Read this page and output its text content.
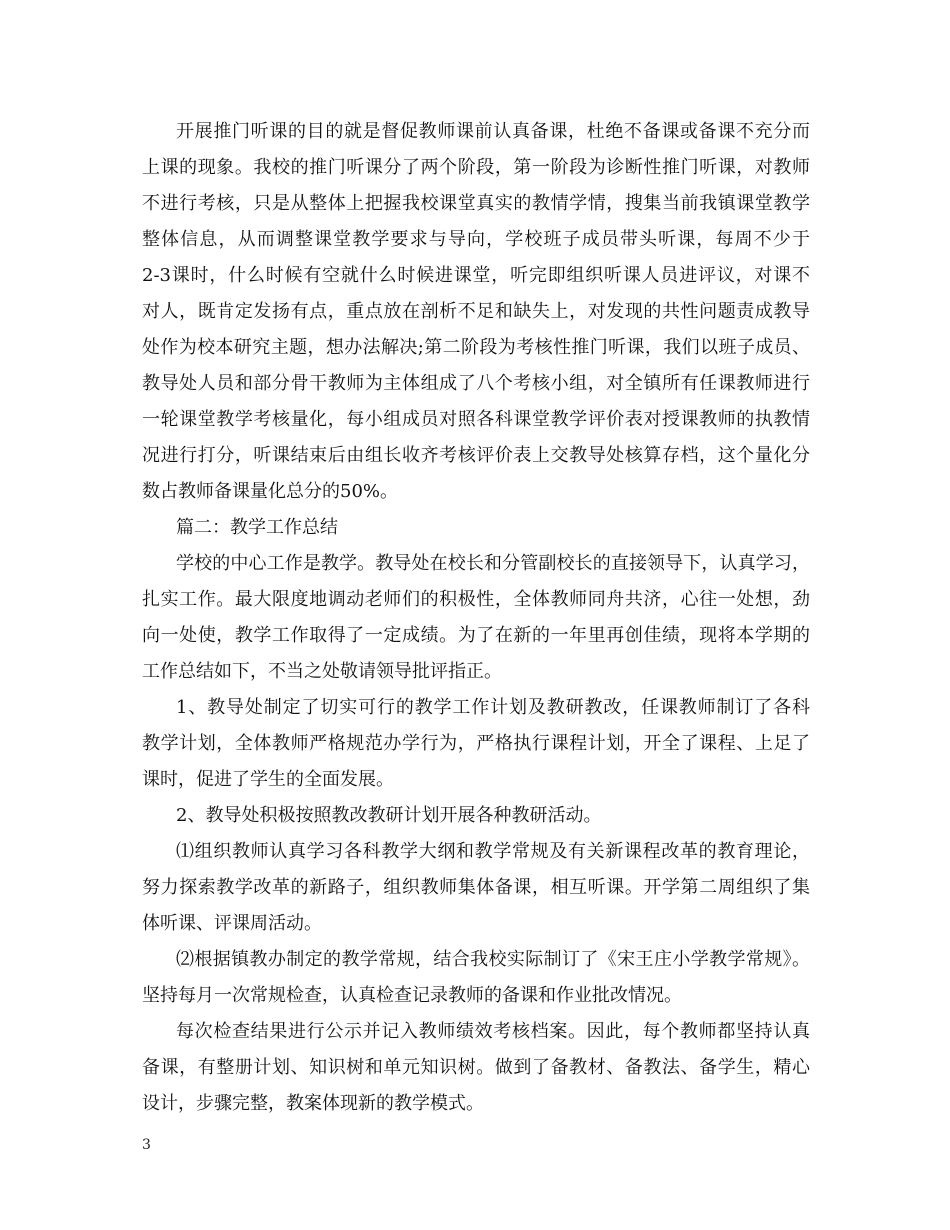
开展推门听课的目的就是督促教师课前认真备课，杜绝不备课或备课不充分而
上课的现象。我校的推门听课分了两个阶段，第一阶段为诊断性推门听课，对教师
不进行考核，只是从整体上把握我校课堂真实的教情学情，搜集当前我镇课堂教学
整体信息，从而调整课堂教学要求与导向，学校班子成员带头听课，每周不少于
2-3课时，什么时候有空就什么时候进课堂，听完即组织听课人员进评议，对课不
对人，既肯定发扬有点，重点放在剖析不足和缺失上，对发现的共性问题责成教导
处作为校本研究主题，想办法解决;第二阶段为考核性推门听课，我们以班子成员、
教导处人员和部分骨干教师为主体组成了八个考核小组，对全镇所有任课教师进行
一轮课堂教学考核量化，每小组成员对照各科课堂教学评价表对授课教师的执教情
况进行打分，听课结束后由组长收齐考核评价表上交教导处核算存档，这个量化分
数占教师备课量化总分的50%。
篇二：教学工作总结
学校的中心工作是教学。教导处在校长和分管副校长的直接领导下，认真学习，
扎实工作。最大限度地调动老师们的积极性，全体教师同舟共济，心往一处想，劲
向一处使，教学工作取得了一定成绩。为了在新的一年里再创佳绩，现将本学期的
工作总结如下，不当之处敬请领导批评指正。
1、教导处制定了切实可行的教学工作计划及教研教改，任课教师制订了各科
教学计划，全体教师严格规范办学行为，严格执行课程计划，开全了课程、上足了
课时，促进了学生的全面发展。
2、教导处积极按照教改教研计划开展各种教研活动。
⑴组织教师认真学习各科教学大纲和教学常规及有关新课程改革的教育理论，
努力探索教学改革的新路子，组织教师集体备课，相互听课。开学第二周组织了集
体听课、评课周活动。
⑵根据镇教办制定的教学常规，结合我校实际制订了《宋王庄小学教学常规》。
坚持每月一次常规检查，认真检查记录教师的备课和作业批改情况。
每次检查结果进行公示并记入教师绩效考核档案。因此，每个教师都坚持认真
备课，有整册计划、知识树和单元知识树。做到了备教材、备教法、备学生，精心
设计，步骤完整，教案体现新的教学模式。
3
